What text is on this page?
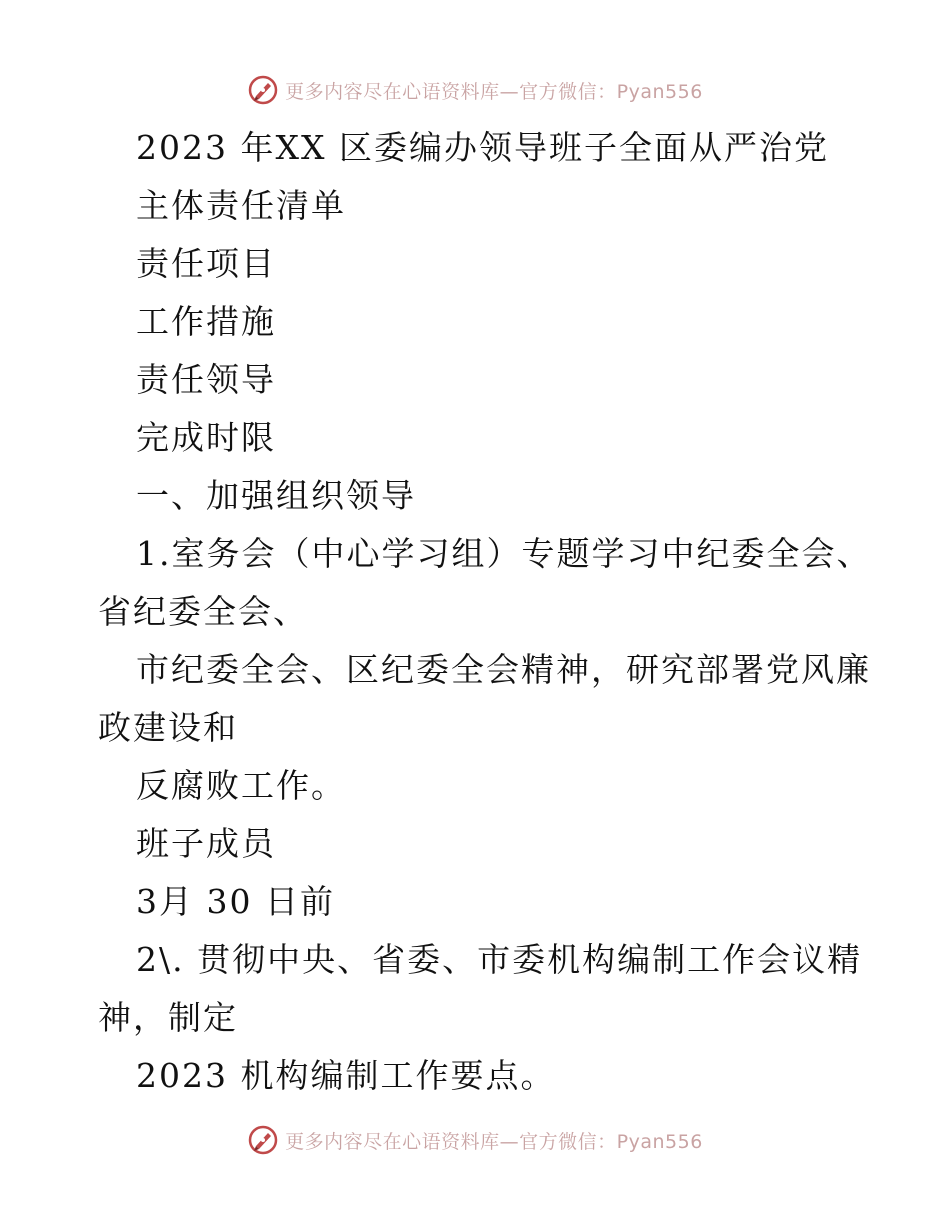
更多内容尽在心语资料库—官方微信：Pyan556
2023 年XX 区委编办领导班子全面从严治党
主体责任清单
责任项目
工作措施
责任领导
完成时限
一、加强组织领导
1.室务会（中心学习组）专题学习中纪委全会、
省纪委全会、
市纪委全会、区纪委全会精神，研究部署党风廉
政建设和
反腐败工作。
班子成员
3月 30 日前
2\. 贯彻中央、省委、市委机构编制工作会议精
神，制定
2023 机构编制工作要点。
更多内容尽在心语资料库—官方微信：Pyan556
